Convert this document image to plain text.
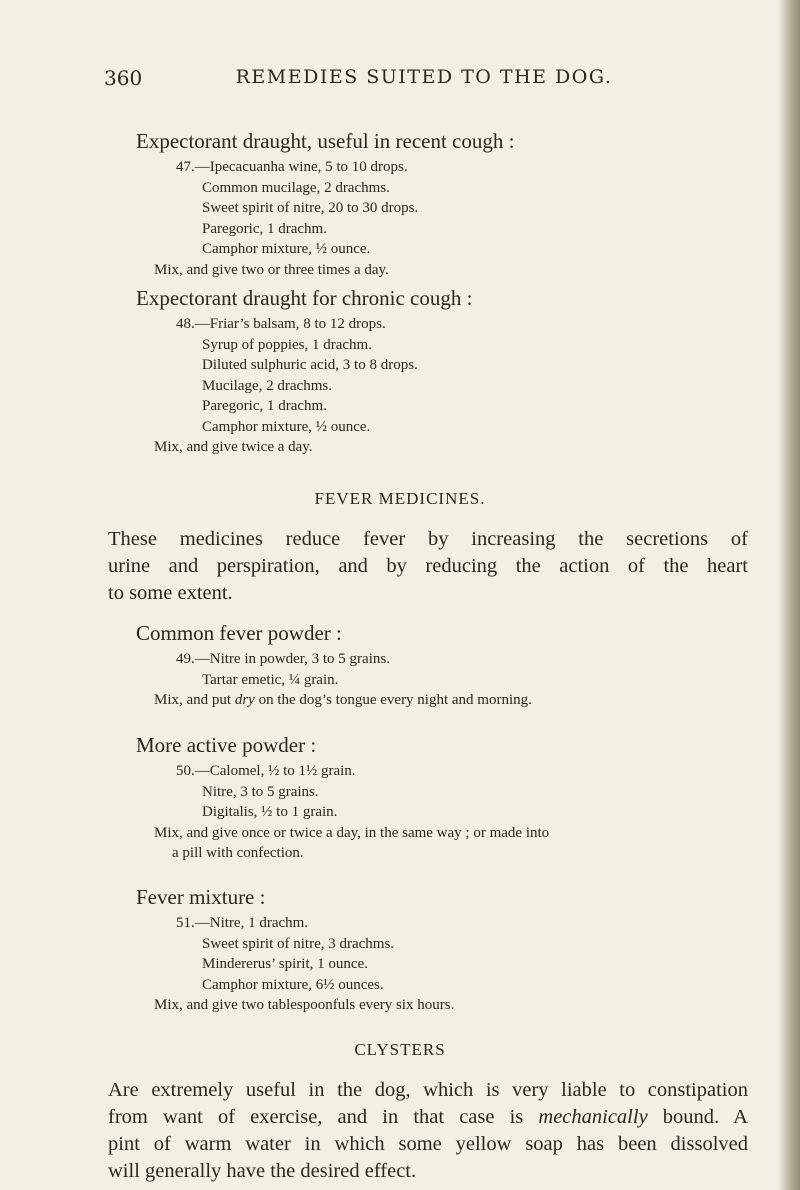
360	REMEDIES SUITED TO THE DOG.
Expectorant draught, useful in recent cough :
47.—Ipecacuanha wine, 5 to 10 drops.
Common mucilage, 2 drachms.
Sweet spirit of nitre, 20 to 30 drops.
Paregoric, 1 drachm.
Camphor mixture, ½ ounce.
Mix, and give two or three times a day.
Expectorant draught for chronic cough :
48.—Friar’s balsam, 8 to 12 drops.
Syrup of poppies, 1 drachm.
Diluted sulphuric acid, 3 to 8 drops.
Mucilage, 2 drachms.
Paregoric, 1 drachm.
Camphor mixture, ½ ounce.
Mix, and give twice a day.
FEVER MEDICINES.
These medicines reduce fever by increasing the secretions of
urine and perspiration, and by reducing the action of the heart
to some extent.
Common fever powder :
49.—Nitre in powder, 3 to 5 grains.
Tartar emetic, ¼ grain.
Mix, and put dry on the dog’s tongue every night and morning.
More active powder :
50.—Calomel, ½ to 1½ grain.
Nitre, 3 to 5 grains.
Digitalis, ½ to 1 grain.
Mix, and give once or twice a day, in the same way ; or made into
a pill with confection.
Fever mixture :
51.—Nitre, 1 drachm.
Sweet spirit of nitre, 3 drachms.
Mindererus’ spirit, 1 ounce.
Camphor mixture, 6½ ounces.
Mix, and give two tablespoonfuls every six hours.
CLYSTERS
Are extremely useful in the dog, which is very liable to constipation
from want of exercise, and in that case is mechanically bound. A
pint of warm water in which some yellow soap has been dissolved
will generally have the desired effect.
